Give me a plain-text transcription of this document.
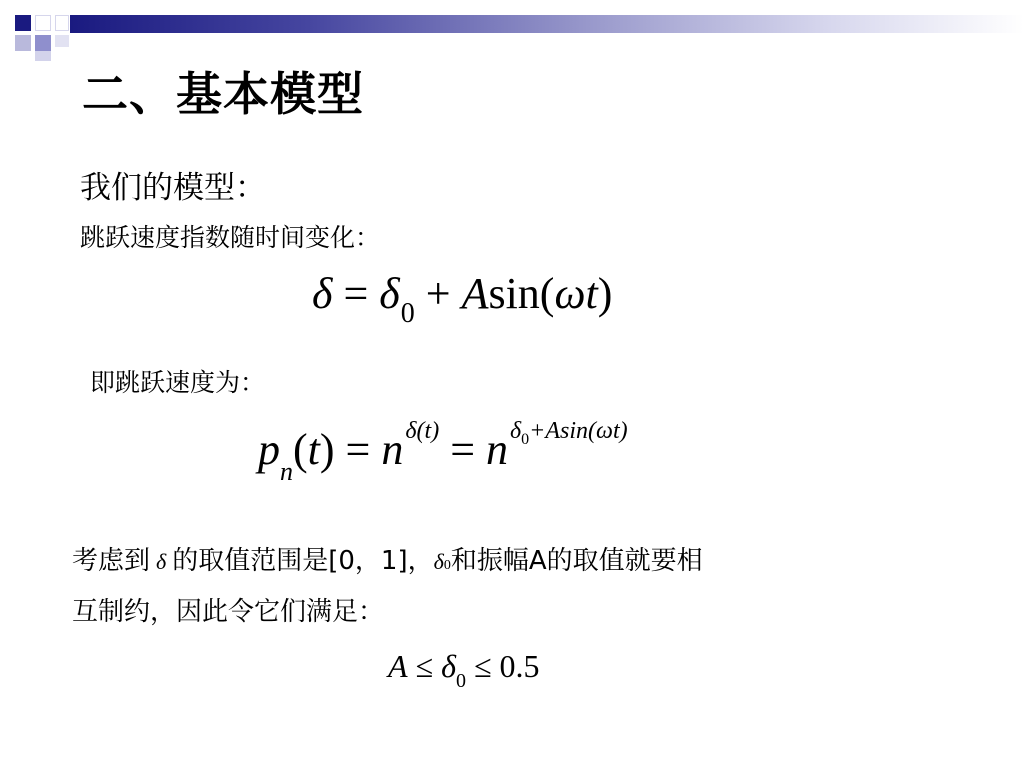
二、基本模型
我们的模型：
跳跃速度指数随时间变化：
$\delta = \delta_0 + Asin(\omega t)$
即跳跃速度为：
$p_n(t) = n^{\delta(t)} = n^{\delta_0+Asin(\omega t)}$
考虑到 δ 的取值范围是[0，1]，δ0和振幅A的取值就要相
互制约，因此令它们满足：
$A \le \delta_0 \le 0.5$
